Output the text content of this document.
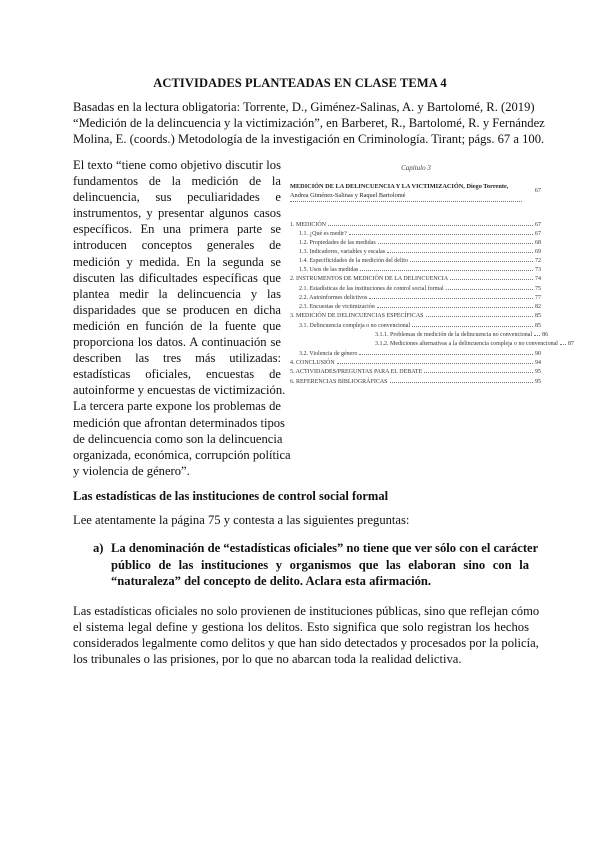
ACTIVIDADES PLANTEADAS EN CLASE TEMA 4
Basadas en la lectura obligatoria: Torrente, D., Giménez-Salinas, A. y Bartolomé, R. (2019)
“Medición de la delincuencia y la victimización”, en Barberet, R., Bartolomé, R. y Fernández
Molina, E. (coords.) Metodología de la investigación en Criminología. Tirant; págs. 67 a 100.
El texto “tiene como objetivo discutir los
fundamentos de la medición de la
delincuencia, sus peculiaridades e
instrumentos, y presentar algunos casos
específicos. En una primera parte se
introducen conceptos generales de
medición y medida. En la segunda se
discuten las dificultades específicas que
plantea medir la delincuencia y las
disparidades que se producen en dicha
medición en función de la fuente que
proporciona los datos. A continuación se
describen las tres más utilizadas:
estadísticas oficiales, encuestas de
autoinforme y encuestas de victimización.
La tercera parte expone los problemas de
medición que afrontan determinados tipos
de delincuencia como son la delincuencia
organizada, económica, corrupción política
y violencia de género”.
Capítulo 3
MEDICIÓN DE LA DELINCUENCIA Y LA VICTIMIZACIÓN, Diego Torrente,
Andrea Giménez-Salinas y Raquel Bartolomé
67
1. MEDICIÓN	67
1.1. ¿Qué es medir?	67
1.2. Propiedades de las medidas	68
1.3. Indicadores, variables y escalas	69
1.4. Especificidades de la medición del delito	72
1.5. Usos de las medidas	73
2. INSTRUMENTOS DE MEDICIÓN DE LA DELINCUENCIA	74
2.1. Estadísticas de las instituciones de control social formal	75
2.2. Autoinformes delictivos	77
2.3. Encuestas de victimización	82
3. MEDICIÓN DE DELINCUENCIAS ESPECÍFICAS	85
3.1. Delincuencia compleja o no convencional	85
3.1.1. Problemas de medición de la delincuencia no convencional	86
3.1.2. Mediciones alternativas a la delincuencia compleja o no convencional	87
3.2. Violencia de género	90
4. CONCLUSIÓN	94
5. ACTIVIDADES/PREGUNTAS PARA EL DEBATE	95
6. REFERENCIAS BIBLIOGRÁFICAS	95
Las estadísticas de las instituciones de control social formal
Lee atentamente la página 75 y contesta a las siguientes preguntas:
a) La denominación de “estadísticas oficiales” no tiene que ver sólo con el carácter
público de las instituciones y organismos que las elaboran sino con la
“naturaleza” del concepto de delito. Aclara esta afirmación.
Las estadísticas oficiales no solo provienen de instituciones públicas, sino que reflejan cómo
el sistema legal define y gestiona los delitos. Esto significa que solo registran los hechos
considerados legalmente como delitos y que han sido detectados y procesados por la policía,
los tribunales o las prisiones, por lo que no abarcan toda la realidad delictiva.
